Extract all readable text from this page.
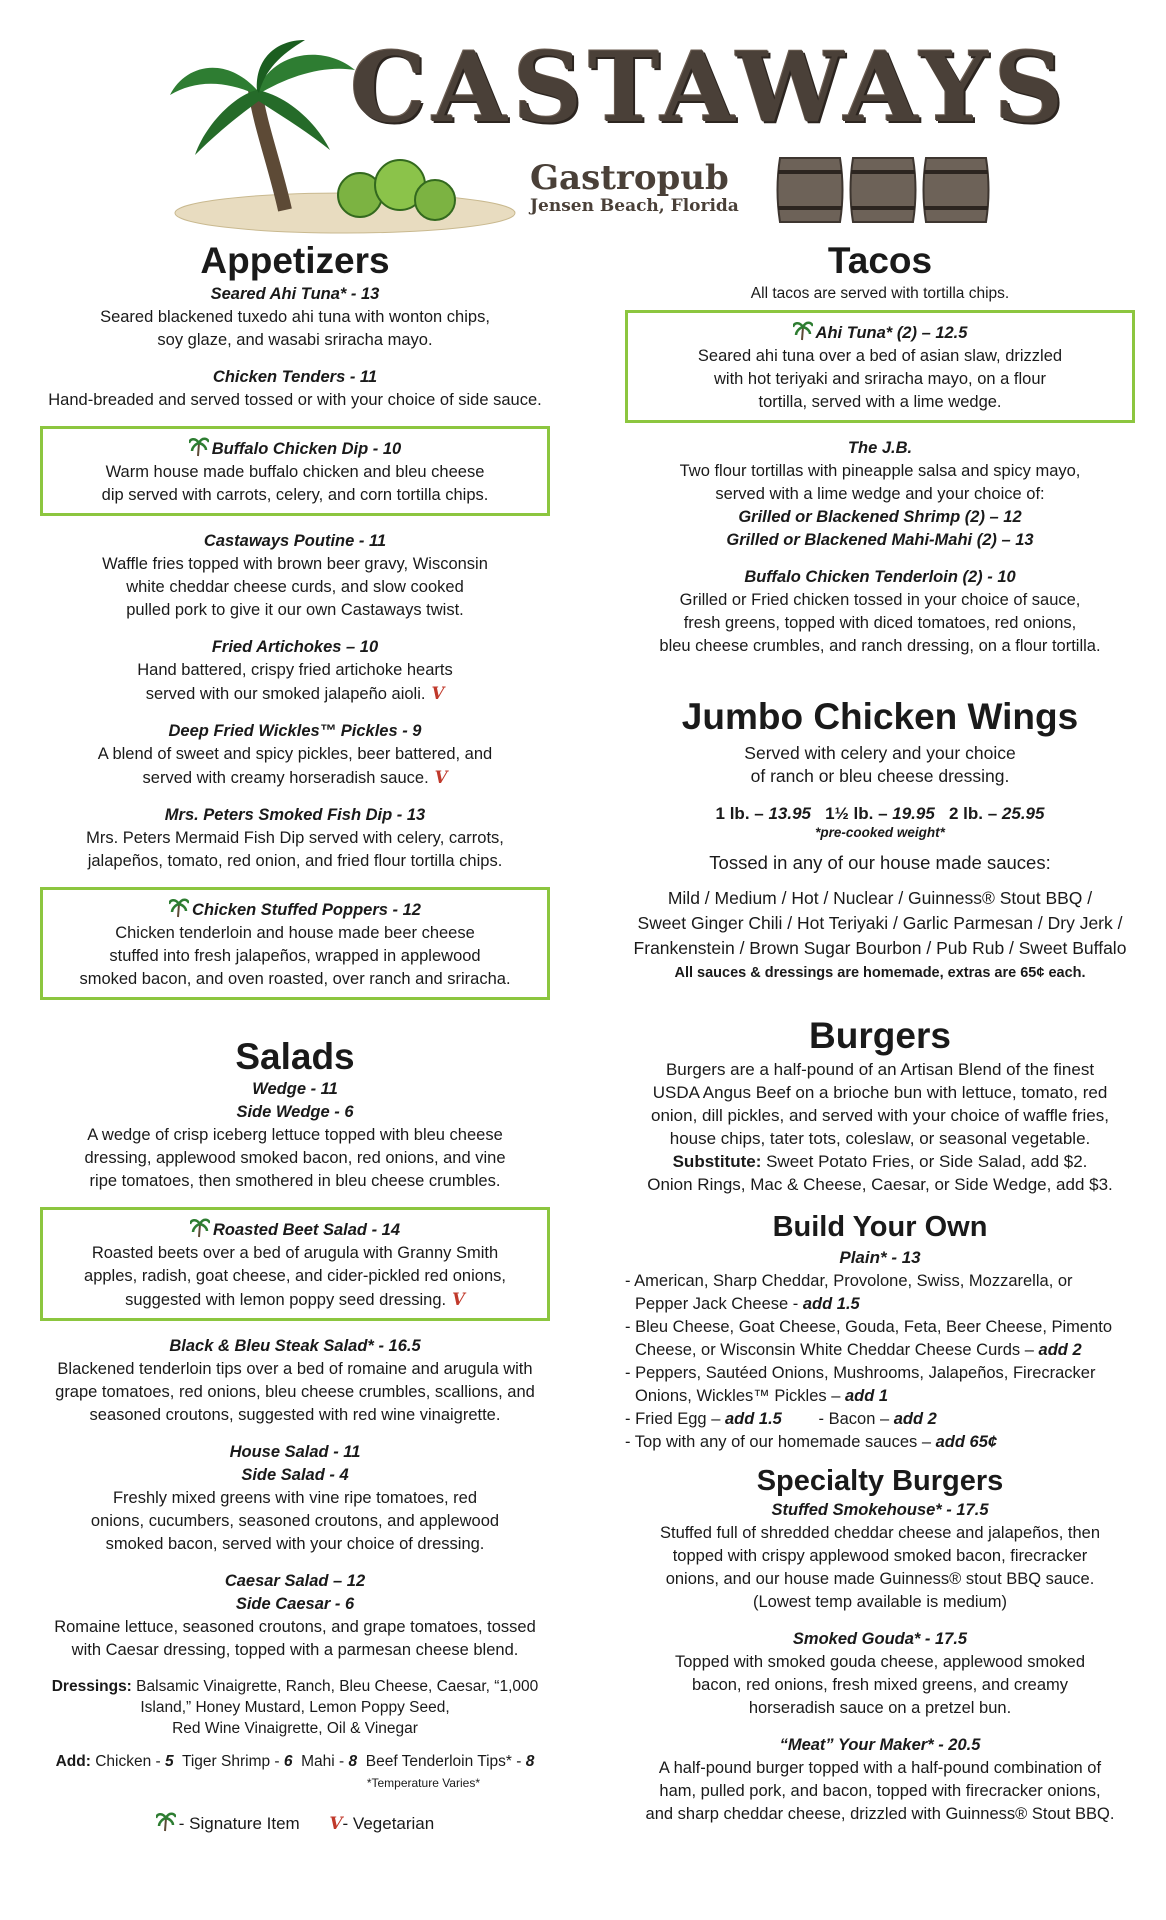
CASTAWAYS
Gastropub
Jensen Beach, Florida
Appetizers
Seared Ahi Tuna* - 13
Seared blackened tuxedo ahi tuna with wonton chips,
soy glaze, and wasabi sriracha mayo.
Chicken Tenders - 11
Hand-breaded and served tossed or with your choice of side sauce.
Buffalo Chicken Dip - 10
Warm house made buffalo chicken and bleu cheese
dip served with carrots, celery, and corn tortilla chips.
Castaways Poutine - 11
Waffle fries topped with brown beer gravy, Wisconsin
white cheddar cheese curds, and slow cooked
pulled pork to give it our own Castaways twist.
Fried Artichokes – 10
Hand battered, crispy fried artichoke hearts
served with our smoked jalapeño aioli. V
Deep Fried Wickles™ Pickles - 9
A blend of sweet and spicy pickles, beer battered, and
served with creamy horseradish sauce. V
Mrs. Peters Smoked Fish Dip - 13
Mrs. Peters Mermaid Fish Dip served with celery, carrots,
jalapeños, tomato, red onion, and fried flour tortilla chips.
Chicken Stuffed Poppers - 12
Chicken tenderloin and house made beer cheese
stuffed into fresh jalapeños, wrapped in applewood
smoked bacon, and oven roasted, over ranch and sriracha.
Salads
Wedge - 11
Side Wedge - 6
A wedge of crisp iceberg lettuce topped with bleu cheese
dressing, applewood smoked bacon, red onions, and vine
ripe tomatoes, then smothered in bleu cheese crumbles.
Roasted Beet Salad - 14
Roasted beets over a bed of arugula with Granny Smith
apples, radish, goat cheese, and cider-pickled red onions,
suggested with lemon poppy seed dressing. V
Black & Bleu Steak Salad* - 16.5
Blackened tenderloin tips over a bed of romaine and arugula with
grape tomatoes, red onions, bleu cheese crumbles, scallions, and
seasoned croutons, suggested with red wine vinaigrette.
House Salad - 11
Side Salad - 4
Freshly mixed greens with vine ripe tomatoes, red
onions, cucumbers, seasoned croutons, and applewood
smoked bacon, served with your choice of dressing.
Caesar Salad – 12
Side Caesar - 6
Romaine lettuce, seasoned croutons, and grape tomatoes, tossed
with Caesar dressing, topped with a parmesan cheese blend.
Dressings: Balsamic Vinaigrette, Ranch, Bleu Cheese, Caesar, “1,000
Island,” Honey Mustard, Lemon Poppy Seed,
Red Wine Vinaigrette, Oil & Vinegar
Add: Chicken - 5 Tiger Shrimp - 6 Mahi - 8 Beef Tenderloin Tips* - 8
*Temperature Varies*
- Signature Item V- Vegetarian
Tacos
All tacos are served with tortilla chips.
Ahi Tuna* (2) – 12.5
Seared ahi tuna over a bed of asian slaw, drizzled
with hot teriyaki and sriracha mayo, on a flour
tortilla, served with a lime wedge.
The J.B.
Two flour tortillas with pineapple salsa and spicy mayo,
served with a lime wedge and your choice of:
Grilled or Blackened Shrimp (2) – 12
Grilled or Blackened Mahi-Mahi (2) – 13
Buffalo Chicken Tenderloin (2) - 10
Grilled or Fried chicken tossed in your choice of sauce,
fresh greens, topped with diced tomatoes, red onions,
bleu cheese crumbles, and ranch dressing, on a flour tortilla.
Jumbo Chicken Wings
Served with celery and your choice
of ranch or bleu cheese dressing.
1 lb. – 13.95 1½ lb. – 19.95 2 lb. – 25.95
*pre-cooked weight*
Tossed in any of our house made sauces:
Mild / Medium / Hot / Nuclear / Guinness® Stout BBQ /
Sweet Ginger Chili / Hot Teriyaki / Garlic Parmesan / Dry Jerk /
Frankenstein / Brown Sugar Bourbon / Pub Rub / Sweet Buffalo
All sauces & dressings are homemade, extras are 65¢ each.
Burgers
Burgers are a half-pound of an Artisan Blend of the finest
USDA Angus Beef on a brioche bun with lettuce, tomato, red
onion, dill pickles, and served with your choice of waffle fries,
house chips, tater tots, coleslaw, or seasonal vegetable.
Substitute: Sweet Potato Fries, or Side Salad, add $2.
Onion Rings, Mac & Cheese, Caesar, or Side Wedge, add $3.
Build Your Own
Plain* - 13
- American, Sharp Cheddar, Provolone, Swiss, Mozzarella, or
Pepper Jack Cheese - add 1.5
- Bleu Cheese, Goat Cheese, Gouda, Feta, Beer Cheese, Pimento
Cheese, or Wisconsin White Cheddar Cheese Curds – add 2
- Peppers, Sautéed Onions, Mushrooms, Jalapeños, Firecracker
Onions, Wickles™ Pickles – add 1
- Fried Egg – add 1.5 - Bacon – add 2
- Top with any of our homemade sauces – add 65¢
Specialty Burgers
Stuffed Smokehouse* - 17.5
Stuffed full of shredded cheddar cheese and jalapeños, then
topped with crispy applewood smoked bacon, firecracker
onions, and our house made Guinness® stout BBQ sauce.
(Lowest temp available is medium)
Smoked Gouda* - 17.5
Topped with smoked gouda cheese, applewood smoked
bacon, red onions, fresh mixed greens, and creamy
horseradish sauce on a pretzel bun.
“Meat” Your Maker* - 20.5
A half-pound burger topped with a half-pound combination of
ham, pulled pork, and bacon, topped with firecracker onions,
and sharp cheddar cheese, drizzled with Guinness® Stout BBQ.
